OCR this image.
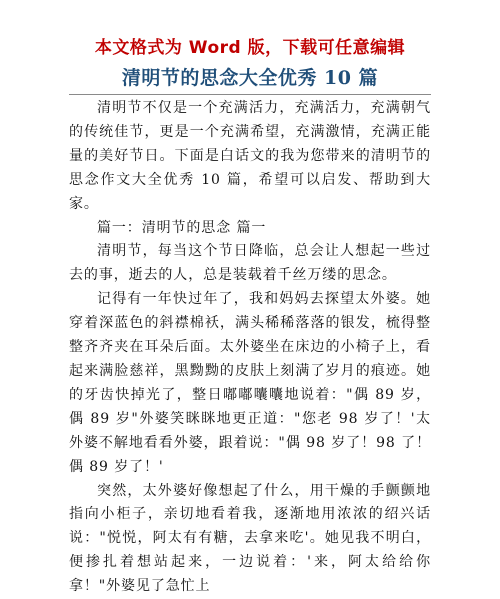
本文格式为 Word 版，下载可任意编辑
清明节的思念大全优秀 10 篇

清明节不仅是一个充满活力，充满活力，充满朝气的传统佳节，更是一个充满希望，充满激情，充满正能量的美好节日。下面是白话文的我为您带来的清明节的思念作文大全优秀 10 篇，希望可以启发、帮助到大家。

篇一：清明节的思念 篇一

清明节，每当这个节日降临，总会让人想起一些过去的事，逝去的人，总是装载着千丝万缕的思念。

记得有一年快过年了，我和妈妈去探望太外婆。她穿着深蓝色的斜襟棉袄，满头稀稀落落的银发，梳得整整齐齐夹在耳朵后面。太外婆坐在床边的小椅子上，看起来满脸慈祥，黑黝黝的皮肤上刻满了岁月的痕迹。她的牙齿快掉光了，整日嘟嘟囔囔地说着："偶 89 岁，偶 89 岁"外婆笑眯眯地更正道："您老 98 岁了！'太外婆不解地看看外婆，跟着说："偶 98 岁了！98 了！偶 89 岁了！'

突然，太外婆好像想起了什么，用干燥的手颤颤地指向小柜子，亲切地看着我，逐渐地用浓浓的绍兴话说："悦悦，阿太有有糖，去拿来吃'。她见我不明白，便掺扎着想站起来，一边说着：'来，阿太给给你拿！"外婆见了急忙上
